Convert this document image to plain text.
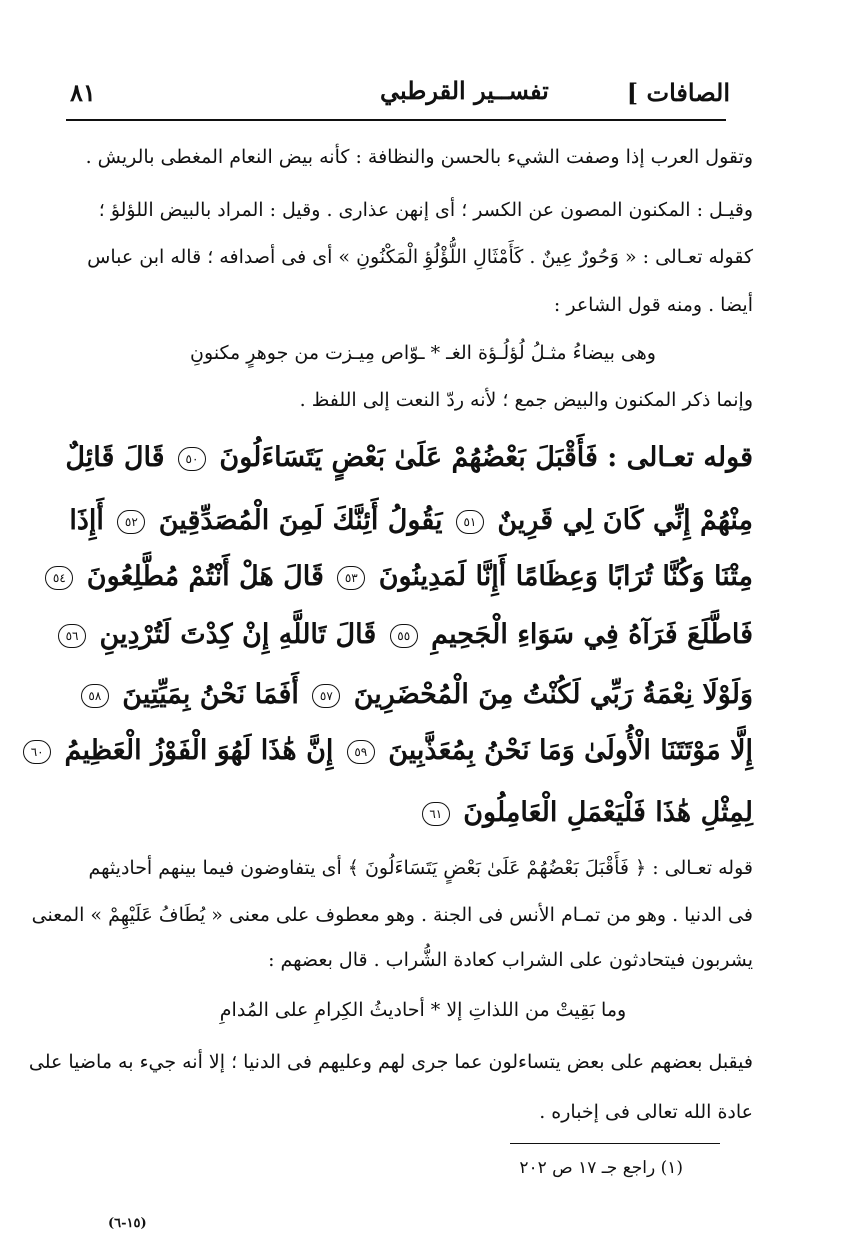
الصافات ]
تفســير القرطبي
٨١
وتقول العرب إذا وصفت الشيء بالحسن والنظافة : كأنه بيض النعام المغطى بالريش .
وقيـل : المكنون المصون عن الكسر ؛ أى إنهن عذارى . وقيل : المراد بالبيض اللؤلؤ ؛
كقوله تعـالى : « وَحُورٌ عِينٌ . كَأَمْثَالِ اللُّؤْلُؤِ الْمَكْنُونِ » أى فى أصدافه ؛ قاله ابن عباس
أيضا . ومنه قول الشاعر :
وهى بيضاءُ مثـلُ لُؤلُـؤة الغـ * ـوّاص مِيـزت من جوهرٍ مكنونِ
وإنما ذكر المكنون والبيض جمع ؛ لأنه ردّ النعت إلى اللفظ .
قوله تعـالى : فَأَقْبَلَ بَعْضُهُمْ عَلَىٰ بَعْضٍ يَتَسَاءَلُونَ ٥٠ قَالَ قَائِلٌ
مِنْهُمْ إِنِّي كَانَ لِي قَرِينٌ ٥١ يَقُولُ أَئِنَّكَ لَمِنَ الْمُصَدِّقِينَ ٥٢ أَإِذَا
مِتْنَا وَكُنَّا تُرَابًا وَعِظَامًا أَإِنَّا لَمَدِينُونَ ٥٣ قَالَ هَلْ أَنْتُمْ مُطَّلِعُونَ ٥٤
فَاطَّلَعَ فَرَآهُ فِي سَوَاءِ الْجَحِيمِ ٥٥ قَالَ تَاللَّهِ إِنْ كِدْتَ لَتُرْدِينِ ٥٦
وَلَوْلَا نِعْمَةُ رَبِّي لَكُنْتُ مِنَ الْمُحْضَرِينَ ٥٧ أَفَمَا نَحْنُ بِمَيِّتِينَ ٥٨
إِلَّا مَوْتَتَنَا الْأُولَىٰ وَمَا نَحْنُ بِمُعَذَّبِينَ ٥٩ إِنَّ هَٰذَا لَهُوَ الْفَوْزُ الْعَظِيمُ ٦٠
لِمِثْلِ هَٰذَا فَلْيَعْمَلِ الْعَامِلُونَ ٦١
قوله تعـالى : ﴿ فَأَقْبَلَ بَعْضُهُمْ عَلَىٰ بَعْضٍ يَتَسَاءَلُونَ ﴾ أى يتفاوضون فيما بينهم أحاديثهم
فى الدنيا . وهو من تمـام الأنس فى الجنة . وهو معطوف على معنى « يُطَافُ عَلَيْهِمْ » المعنى
يشربون فيتحادثون على الشراب كعادة الشُّراب . قال بعضهم :
وما بَقِيتْ من اللذاتِ إلا * أحاديثُ الكِرامِ على المُدامِ
فيقبل بعضهم على بعض يتساءلون عما جرى لهم وعليهم فى الدنيا ؛ إلا أنه جيء به ماضيا على
عادة الله تعالى فى إخباره .
(١) راجع جـ ١٧ ص ٢٠٢
(١٥-٦)
